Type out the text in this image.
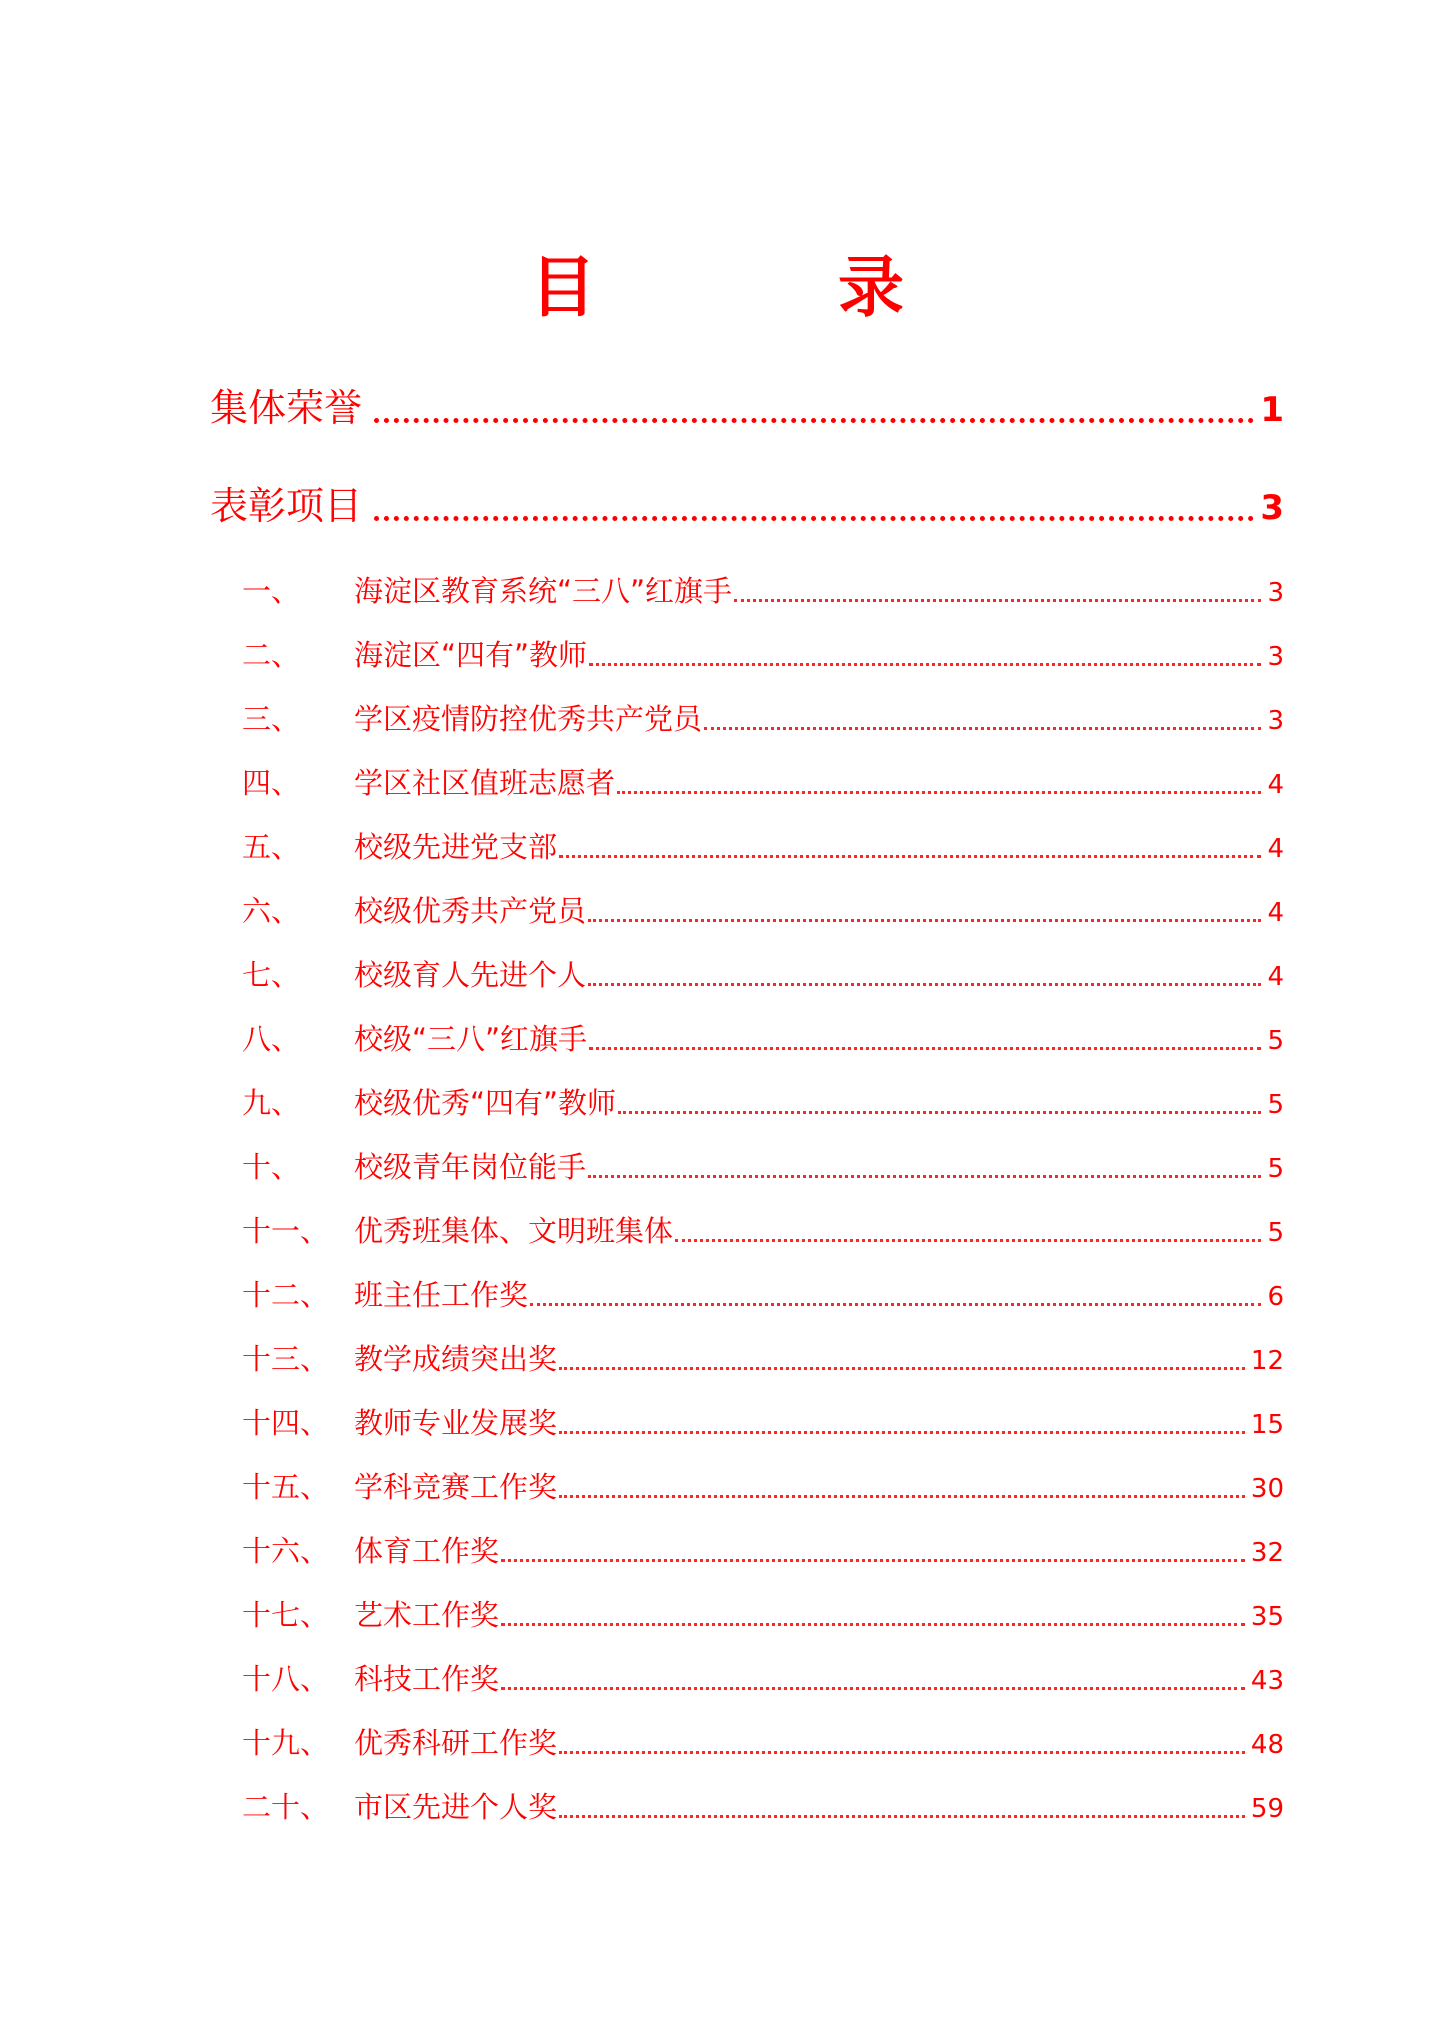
目　录
集体荣誉	1
表彰项目	3
一、	海淀区教育系统“三八”红旗手	3
二、	海淀区“四有”教师	3
三、	学区疫情防控优秀共产党员	3
四、	学区社区值班志愿者	4
五、	校级先进党支部	4
六、	校级优秀共产党员	4
七、	校级育人先进个人	4
八、	校级“三八”红旗手	5
九、	校级优秀“四有”教师	5
十、	校级青年岗位能手	5
十一、 优秀班集体、文明班集体	5
十二、 班主任工作奖	6
十三、 教学成绩突出奖	12
十四、 教师专业发展奖	15
十五、 学科竞赛工作奖	30
十六、 体育工作奖	32
十七、 艺术工作奖	35
十八、 科技工作奖	43
十九、 优秀科研工作奖	48
二十、 市区先进个人奖	59
